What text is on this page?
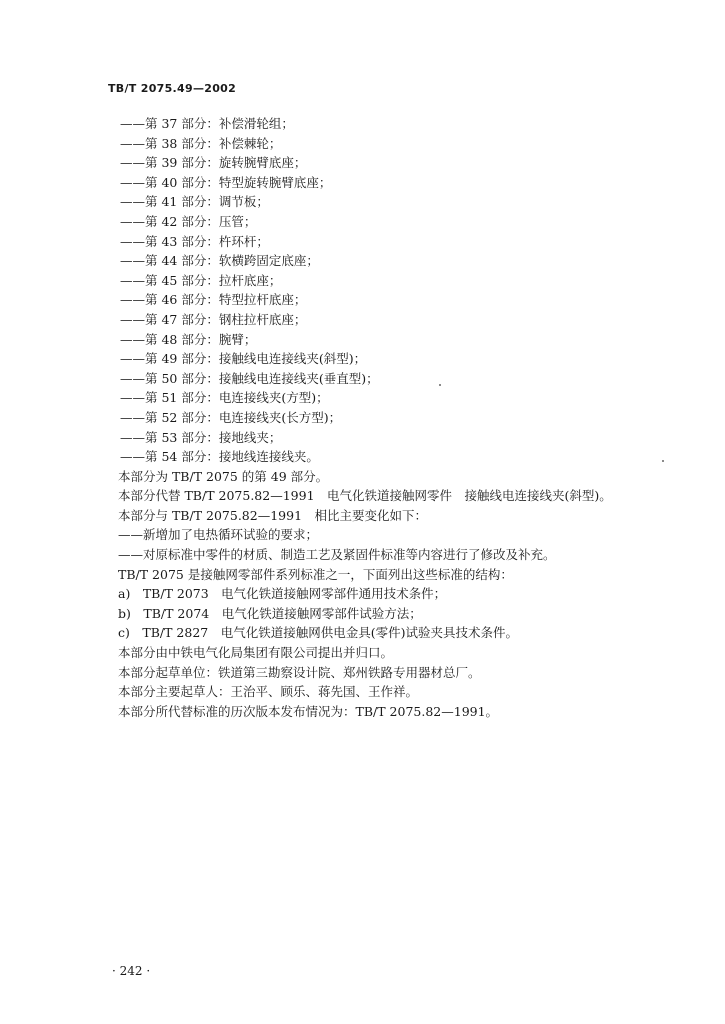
TB/T 2075.49—2002
——第 37 部分：补偿滑轮组；
——第 38 部分：补偿棘轮；
——第 39 部分：旋转腕臂底座；
——第 40 部分：特型旋转腕臂底座；
——第 41 部分：调节板；
——第 42 部分：压管；
——第 43 部分：杵环杆；
——第 44 部分：软横跨固定底座；
——第 45 部分：拉杆底座；
——第 46 部分：特型拉杆底座；
——第 47 部分：钢柱拉杆底座；
——第 48 部分：腕臂；
——第 49 部分：接触线电连接线夹(斜型)；
——第 50 部分：接触线电连接线夹(垂直型)；
——第 51 部分：电连接线夹(方型)；
——第 52 部分：电连接线夹(长方型)；
——第 53 部分：接地线夹；
——第 54 部分：接地线连接线夹。
本部分为 TB/T 2075 的第 49 部分。
本部分代替 TB/T 2075.82—1991　电气化铁道接触网零件　接触线电连接线夹(斜型)。
本部分与 TB/T 2075.82—1991　相比主要变化如下：
——新增加了电热循环试验的要求；
——对原标准中零件的材质、制造工艺及紧固件标准等内容进行了修改及补充。
TB/T 2075 是接触网零部件系列标准之一，下面列出这些标准的结构：
a)　TB/T 2073　电气化铁道接触网零部件通用技术条件；
b)　TB/T 2074　电气化铁道接触网零部件试验方法；
c)　TB/T 2827　电气化铁道接触网供电金具(零件)试验夹具技术条件。
本部分由中铁电气化局集团有限公司提出并归口。
本部分起草单位：铁道第三勘察设计院、郑州铁路专用器材总厂。
本部分主要起草人：王治平、顾乐、蒋先国、王作祥。
本部分所代替标准的历次版本发布情况为：TB/T 2075.82—1991。
· 242 ·
